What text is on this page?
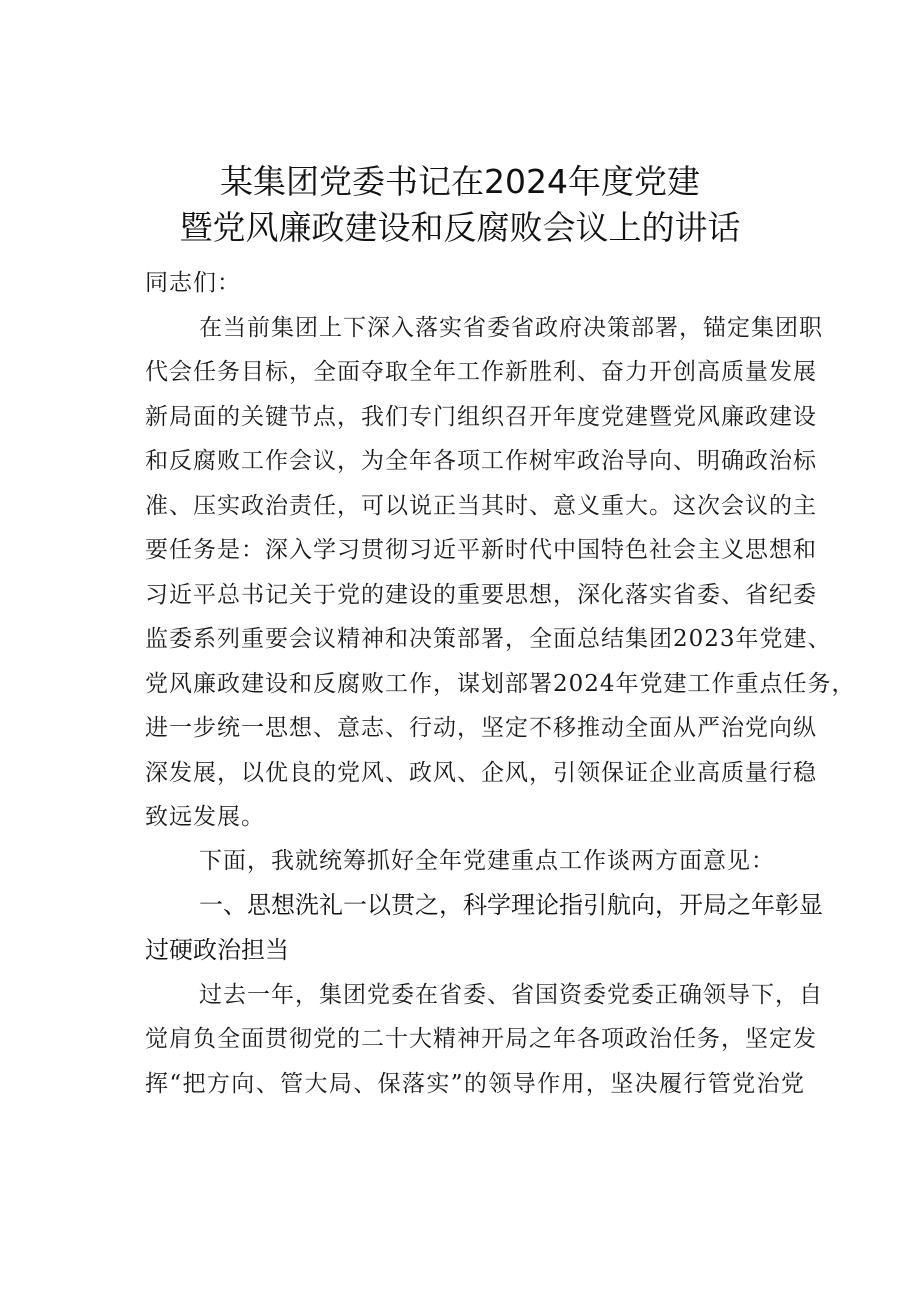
某集团党委书记在2024年度党建
暨党风廉政建设和反腐败会议上的讲话
同志们：
在当前集团上下深入落实省委省政府决策部署，锚定集团职
代会任务目标，全面夺取全年工作新胜利、奋力开创高质量发展
新局面的关键节点，我们专门组织召开年度党建暨党风廉政建设
和反腐败工作会议，为全年各项工作树牢政治导向、明确政治标
准、压实政治责任，可以说正当其时、意义重大。这次会议的主
要任务是：深入学习贯彻习近平新时代中国特色社会主义思想和
习近平总书记关于党的建设的重要思想，深化落实省委、省纪委
监委系列重要会议精神和决策部署，全面总结集团2023年党建、
党风廉政建设和反腐败工作，谋划部署2024年党建工作重点任务，
进一步统一思想、意志、行动，坚定不移推动全面从严治党向纵
深发展，以优良的党风、政风、企风，引领保证企业高质量行稳
致远发展。
下面，我就统筹抓好全年党建重点工作谈两方面意见：
一、思想洗礼一以贯之，科学理论指引航向，开局之年彰显
过硬政治担当
过去一年，集团党委在省委、省国资委党委正确领导下，自
觉肩负全面贯彻党的二十大精神开局之年各项政治任务，坚定发
挥“把方向、管大局、保落实”的领导作用，坚决履行管党治党
